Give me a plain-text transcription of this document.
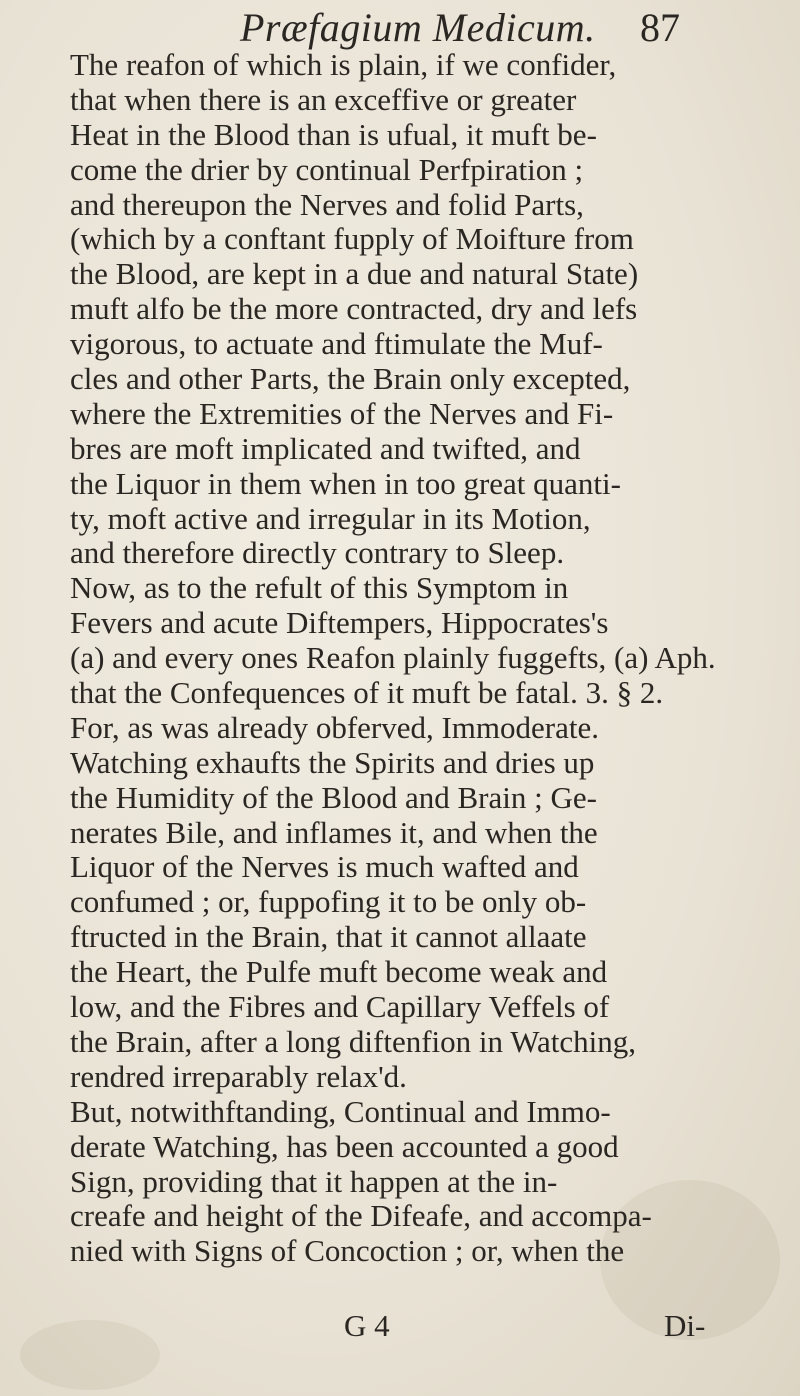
Præfagium Medicum. 87
The reafon of which is plain, if we confider,
that when there is an exceffive or greater
Heat in the Blood than is ufual, it muft be-
come the drier by continual Perfpiration ;
and thereupon the Nerves and folid Parts,
(which by a conftant fupply of Moifture from
the Blood, are kept in a due and natural State)
muft alfo be the more contracted, dry and lefs
vigorous, to actuate and ftimulate the Muf-
cles and other Parts, the Brain only excepted,
where the Extremities of the Nerves and Fi-
bres are moft implicated and twifted, and
the Liquor in them when in too great quanti-
ty, moft active and irregular in its Motion,
and therefore directly contrary to Sleep.
Now, as to the refult of this Symptom in
Fevers and acute Diftempers, Hippocrates's
(a) and every ones Reafon plainly fuggefts, (a) Aph.
that the Confequences of it muft be fatal. 3. § 2.
For, as was already obferved, Immoderate.
Watching exhaufts the Spirits and dries up
the Humidity of the Blood and Brain ; Ge-
nerates Bile, and inflames it, and when the
Liquor of the Nerves is much wafted and
confumed ; or, fuppofing it to be only ob-
ftructed in the Brain, that it cannot allaate
the Heart, the Pulfe muft become weak and
low, and the Fibres and Capillary Veffels of
the Brain, after a long diftenfion in Watching,
rendred irreparably relax'd.
But, notwithftanding, Continual and Immo-
derate Watching, has been accounted a good
Sign, providing that it happen at the in-
creafe and height of the Difeafe, and accompa-
nied with Signs of Concoction ; or, when the
G 4	Di-
